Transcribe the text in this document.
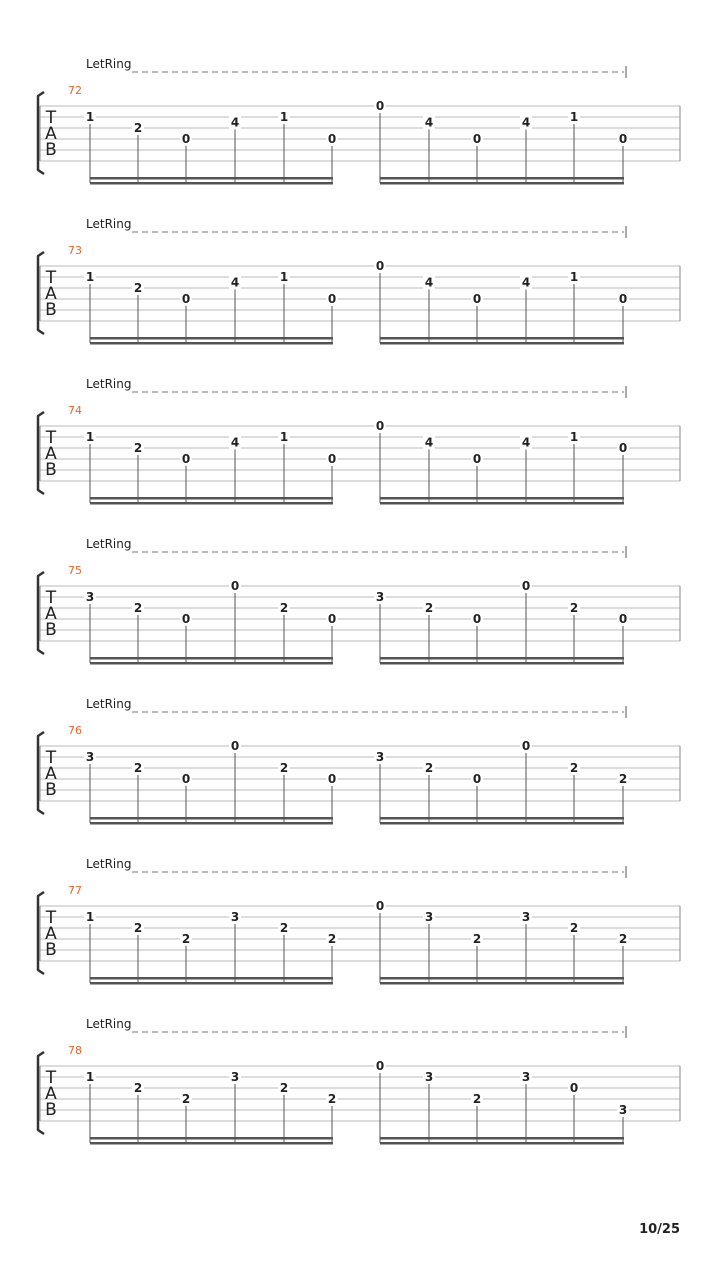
LetRing
72
T
A
B
1
2
0
4	1
0
0
4
0
4	1
0
LetRing
73
T
A
B
1
2
0
4	1
0
0
4
0
4	1
0
LetRing
74
T
A
B
1
2
0
4	1
0
0
4
0
4	1
0
LetRing
75
T
A
B
3
2
0
0
2
0
3
2
0
0
2
0
LetRing
76
T
A
B
3
2
0
0
2
0
3
2
0
0
2
2
LetRing
77
T
A
B
1
2
2
3
2
2
0
3
2
3
2
2
LetRing
78
T
A
B
1
2
2
3
2
2
0
3
2
3
0
3
10/25
